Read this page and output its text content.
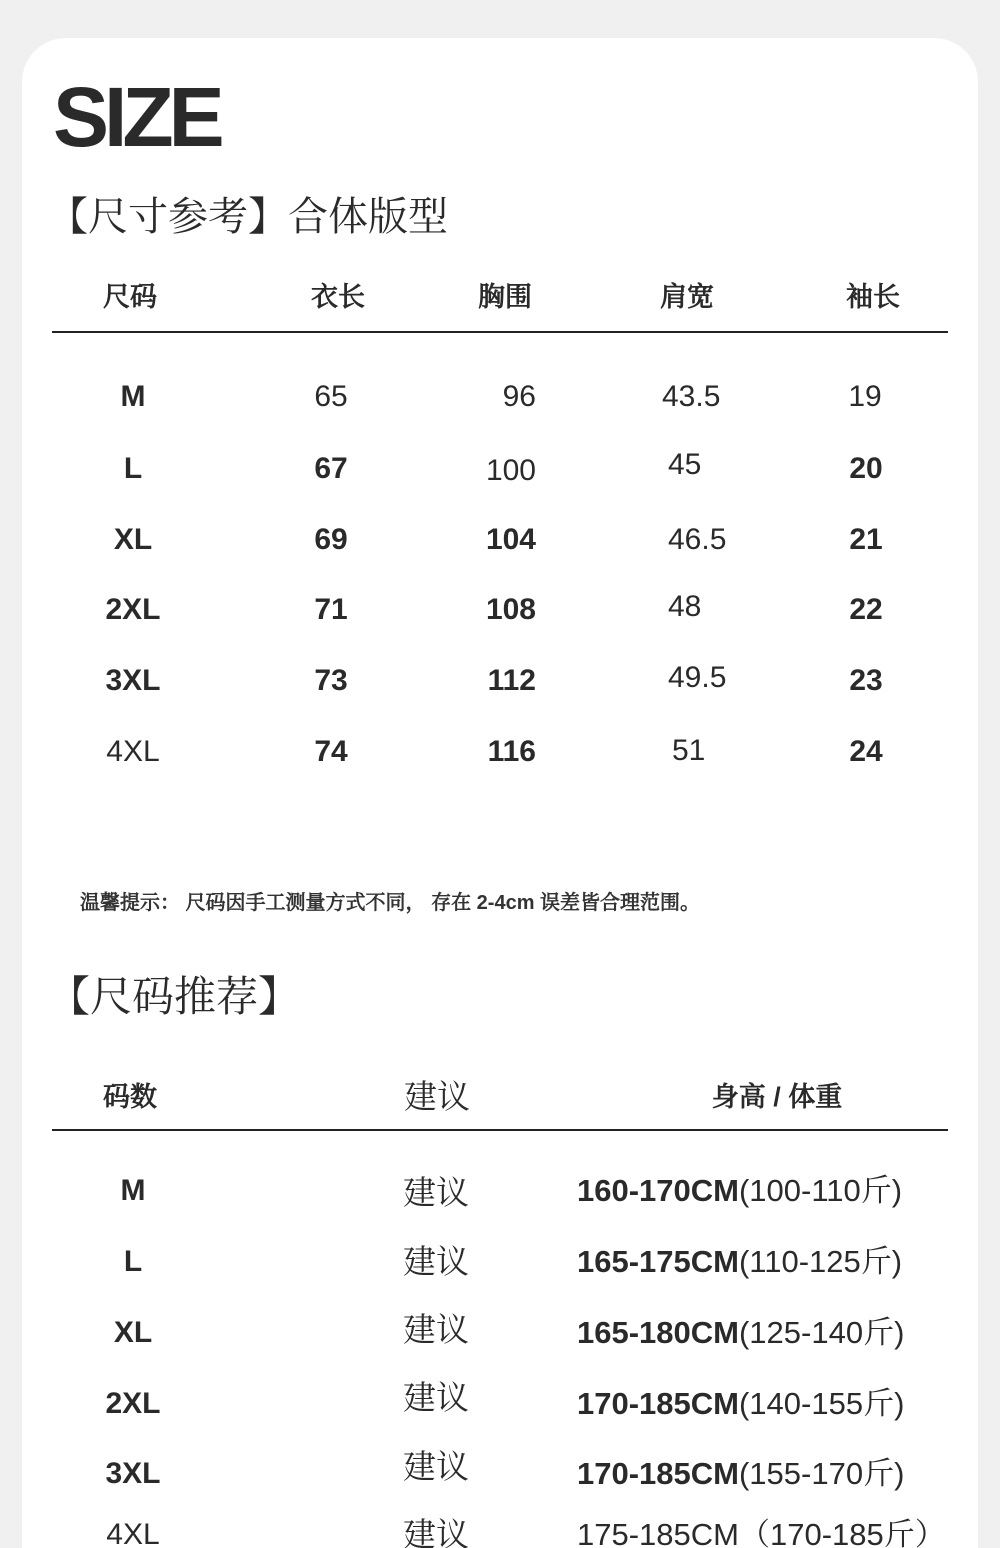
SIZE
【尺寸参考】合体版型
尺码	衣长	胸围	肩宽	袖长
M	65	96	43.5	19
L	67	100	45	20
XL	69	104	46.5	21
2XL	71	108	48	22
3XL	73	112	49.5	23
4XL	74	116	51	24
温馨提示： 尺码因手工测量方式不同， 存在 2-4cm 误差皆合理范围。
【尺码推荐】
码数	建议	身高 / 体重
M	建议	160-170CM(100-110斤)
L	建议	165-175CM(110-125斤)
XL	建议	165-180CM(125-140斤)
2XL	建议	170-185CM(140-155斤)
3XL	建议	170-185CM(155-170斤)
4XL	建议	175-185CM（170-185斤）
